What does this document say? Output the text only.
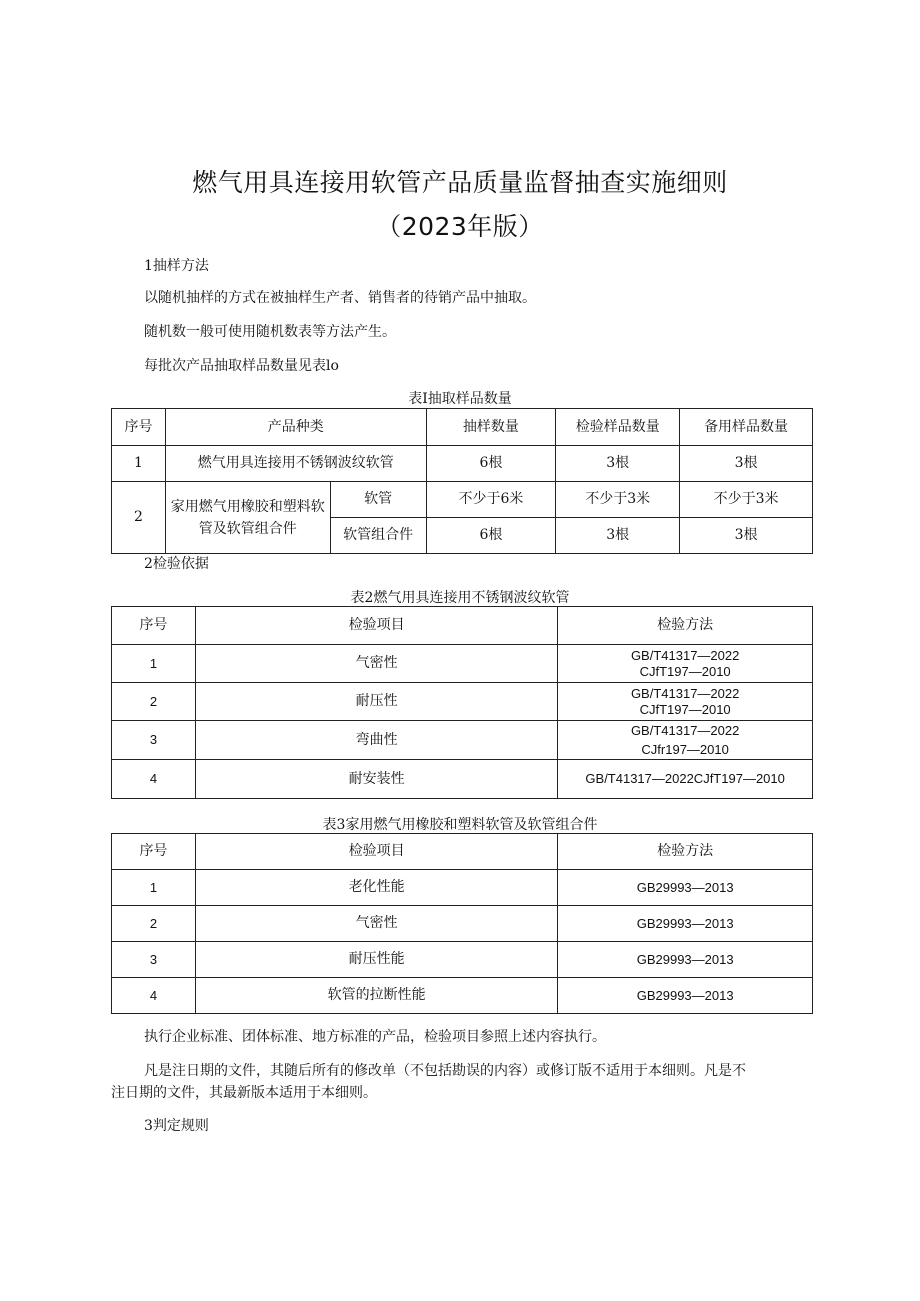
燃气用具连接用软管产品质量监督抽查实施细则
（2023年版）
1抽样方法
以随机抽样的方式在被抽样生产者、销售者的待销产品中抽取。
随机数一般可使用随机数表等方法产生。
每批次产品抽取样品数量见表lo
表I抽取样品数量
序号	产品种类		抽样数量	检验样品数量	备用样品数量
1	燃气用具连接用不锈钢波纹软管		6根	3根	3根
2	家用燃气用橡胶和塑料软管及软管组合件	软管	不少于6米	不少于3米	不少于3米
		软管组合件	6根	3根	3根
2检验依据
表2燃气用具连接用不锈钢波纹软管
序号	检验项目	检验方法
1	气密性	GB/T41317—2022
CJfT197—2010

2	耐压性	GB/T41317—2022
CJfT197—2010

3	弯曲性	GB/T41317—2022
CJfr197—2010

4	耐安装性	GB/T41317—2022CJfT197—2010
表3家用燃气用橡胶和塑料软管及软管组合件
序号	检验项目	检验方法
1	老化性能	GB29993—2013
2	气密性	GB29993—2013
3	耐压性能	GB29993—2013
4	软管的拉断性能	GB29993—2013
执行企业标准、团体标准、地方标准的产品，检验项目参照上述内容执行。
凡是注日期的文件，其随后所有的修改单（不包括勘误的内容）或修订版不适用于本细则。凡是不
注日期的文件，其最新版本适用于本细则。
3判定规则
